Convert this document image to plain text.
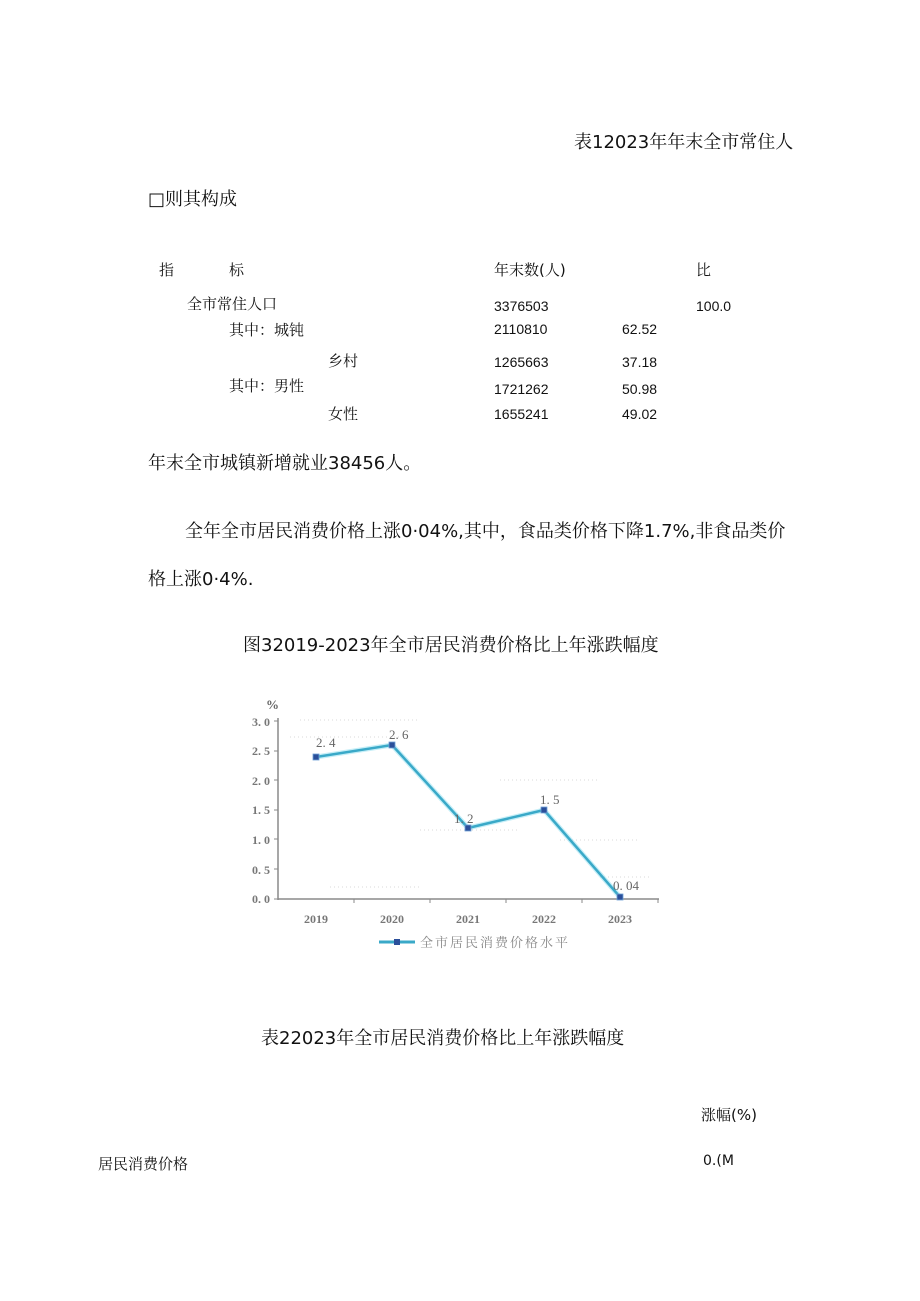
表12023年年末全市常住人
□则其构成
指	标	年末数(人)	比
全市常住人口	3376503	100.0
其中：城钝	2110810	62.52
乡村	1265663	37.18
其中：男性	1721262	50.98
女性	1655241	49.02
年末全市城镇新增就业38456人。
全年全市居民消费价格上涨0·04%,其中，食品类价格下降1.7%,非食品类价
格上涨0·4%.
图32019-2023年全市居民消费价格比上年涨跌幅度
%
0. 0
0. 5
1. 0
1. 5
2. 0
2. 5
3. 0
2019	2020	2021	2022	2023
2. 4
2. 6
1. 2
1. 5
0. 04
全市居民消费价格水平
表22023年全市居民消费价格比上年涨跌幅度
涨幅(%)
居民消费价格	0.(M
